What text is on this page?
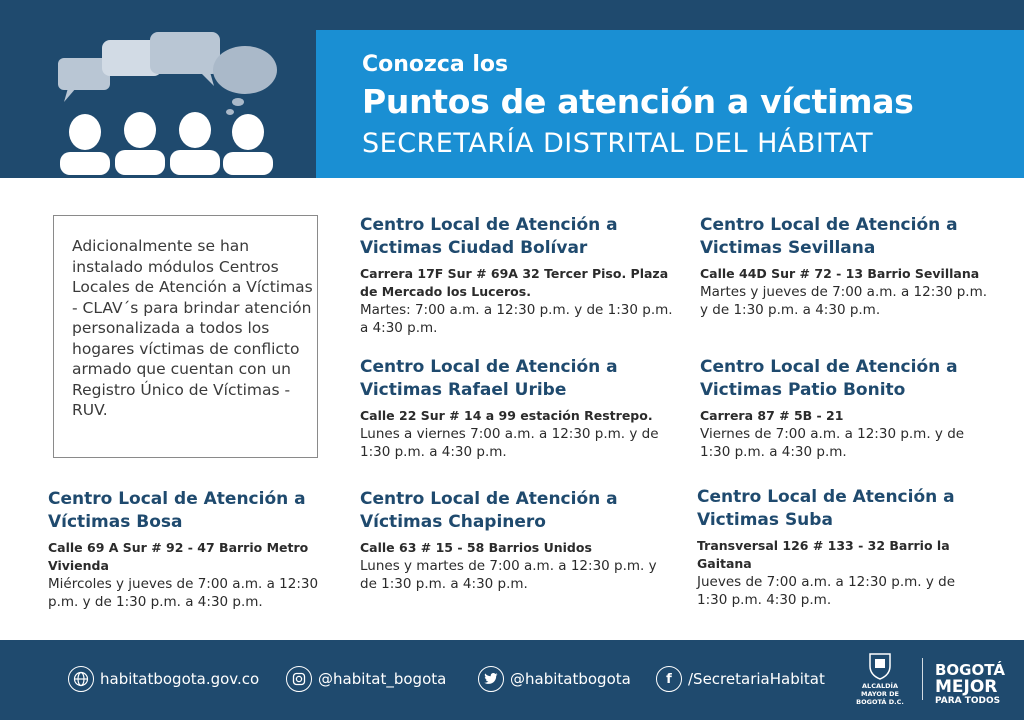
Conozca los
Puntos de atención a víctimas
SECRETARÍA DISTRITAL DEL HÁBITAT
Adicionalmente se han instalado módulos Centros Locales de Atención a Víctimas - CLAV´s para brindar atención personalizada a todos los hogares víctimas de conflicto armado que cuentan con un Registro Único de Víctimas - RUV.
Centro Local de Atención a Victimas Ciudad Bolívar
Carrera 17F Sur # 69A 32 Tercer Piso. Plaza de Mercado los Luceros.
Martes: 7:00 a.m. a 12:30 p.m. y de 1:30 p.m. a 4:30 p.m.
Centro Local de Atención a Victimas Sevillana
Calle 44D Sur # 72 - 13 Barrio Sevillana
Martes y jueves de 7:00 a.m. a 12:30 p.m. y de 1:30 p.m. a 4:30 p.m.
Centro Local de Atención a Victimas Rafael Uribe
Calle 22 Sur # 14 a 99 estación Restrepo.
Lunes a viernes 7:00 a.m. a 12:30 p.m. y de 1:30 p.m. a 4:30 p.m.
Centro Local de Atención a Victimas Patio Bonito
Carrera 87 # 5B - 21
Viernes de 7:00 a.m. a 12:30 p.m. y de 1:30 p.m. a 4:30 p.m.
Centro Local de Atención a Víctimas Bosa
Calle 69 A Sur # 92 - 47 Barrio Metro Vivienda
Miércoles y jueves de 7:00 a.m. a 12:30 p.m. y de 1:30 p.m. a 4:30 p.m.
Centro Local de Atención a Víctimas Chapinero
Calle 63 # 15 - 58 Barrios Unidos
Lunes y martes de 7:00 a.m. a 12:30 p.m. y de 1:30 p.m. a 4:30 p.m.
Centro Local de Atención a Victimas Suba
Transversal 126 # 133 - 32 Barrio la Gaitana
Jueves de 7:00 a.m. a 12:30 p.m. y de 1:30 p.m. 4:30 p.m.
habitatbogota.gov.co	@habitat_bogota	@habitatbogota	f	/SecretariaHabitat	ALCALDÍA MAYOR DE BOGOTÁ D.C.
BOGOTÁ
MEJOR
PARA TODOS
